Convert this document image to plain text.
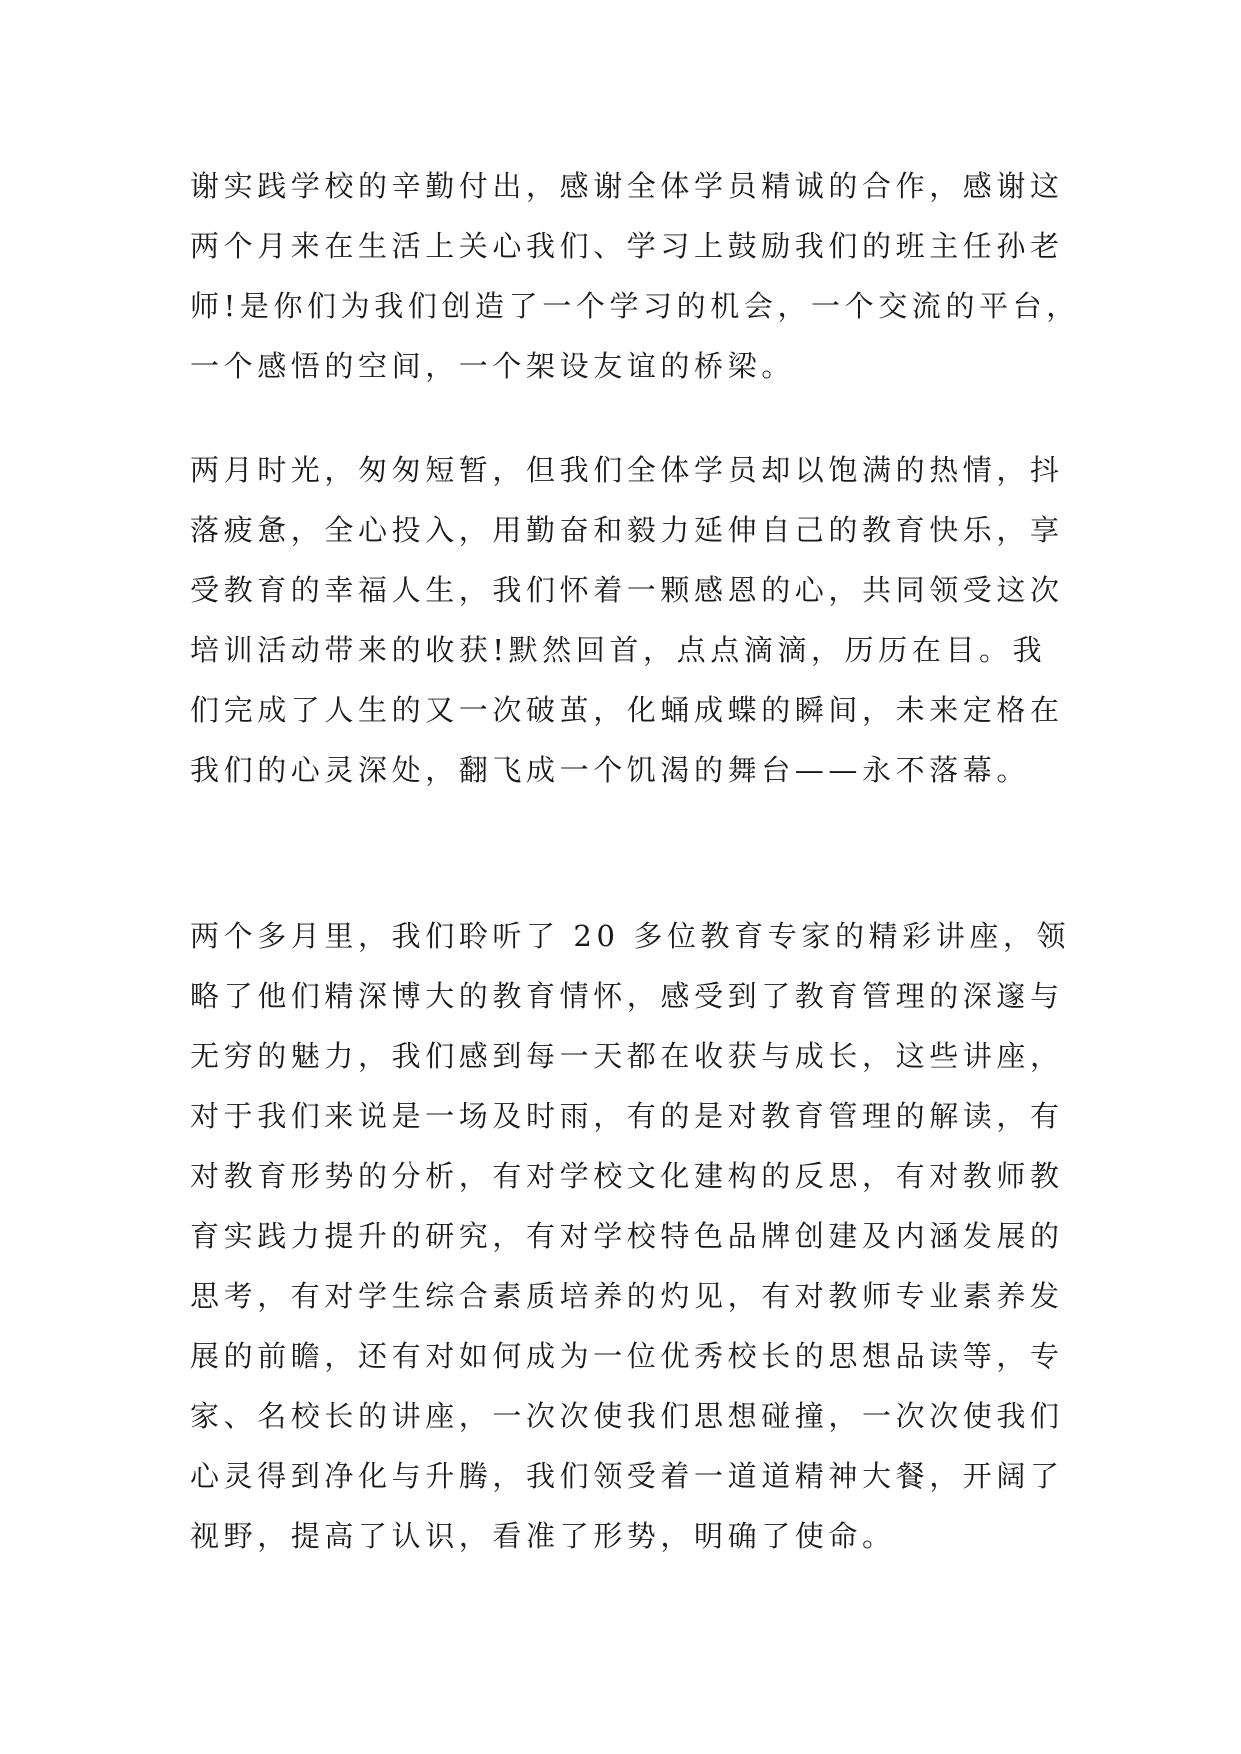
谢实践学校的辛勤付出，感谢全体学员精诚的合作，感谢这
两个月来在生活上关心我们、学习上鼓励我们的班主任孙老
师!是你们为我们创造了一个学习的机会，一个交流的平台，
一个感悟的空间，一个架设友谊的桥梁。
两月时光，匆匆短暂，但我们全体学员却以饱满的热情，抖
落疲惫，全心投入，用勤奋和毅力延伸自己的教育快乐，享
受教育的幸福人生，我们怀着一颗感恩的心，共同领受这次
培训活动带来的收获!默然回首，点点滴滴，历历在目。我
们完成了人生的又一次破茧，化蛹成蝶的瞬间，未来定格在
我们的心灵深处，翻飞成一个饥渴的舞台——永不落幕。
两个多月里，我们聆听了 20 多位教育专家的精彩讲座，领
略了他们精深博大的教育情怀，感受到了教育管理的深邃与
无穷的魅力，我们感到每一天都在收获与成长，这些讲座，
对于我们来说是一场及时雨，有的是对教育管理的解读，有
对教育形势的分析，有对学校文化建构的反思，有对教师教
育实践力提升的研究，有对学校特色品牌创建及内涵发展的
思考，有对学生综合素质培养的灼见，有对教师专业素养发
展的前瞻，还有对如何成为一位优秀校长的思想品读等，专
家、名校长的讲座，一次次使我们思想碰撞，一次次使我们
心灵得到净化与升腾，我们领受着一道道精神大餐，开阔了
视野，提高了认识，看准了形势，明确了使命。
